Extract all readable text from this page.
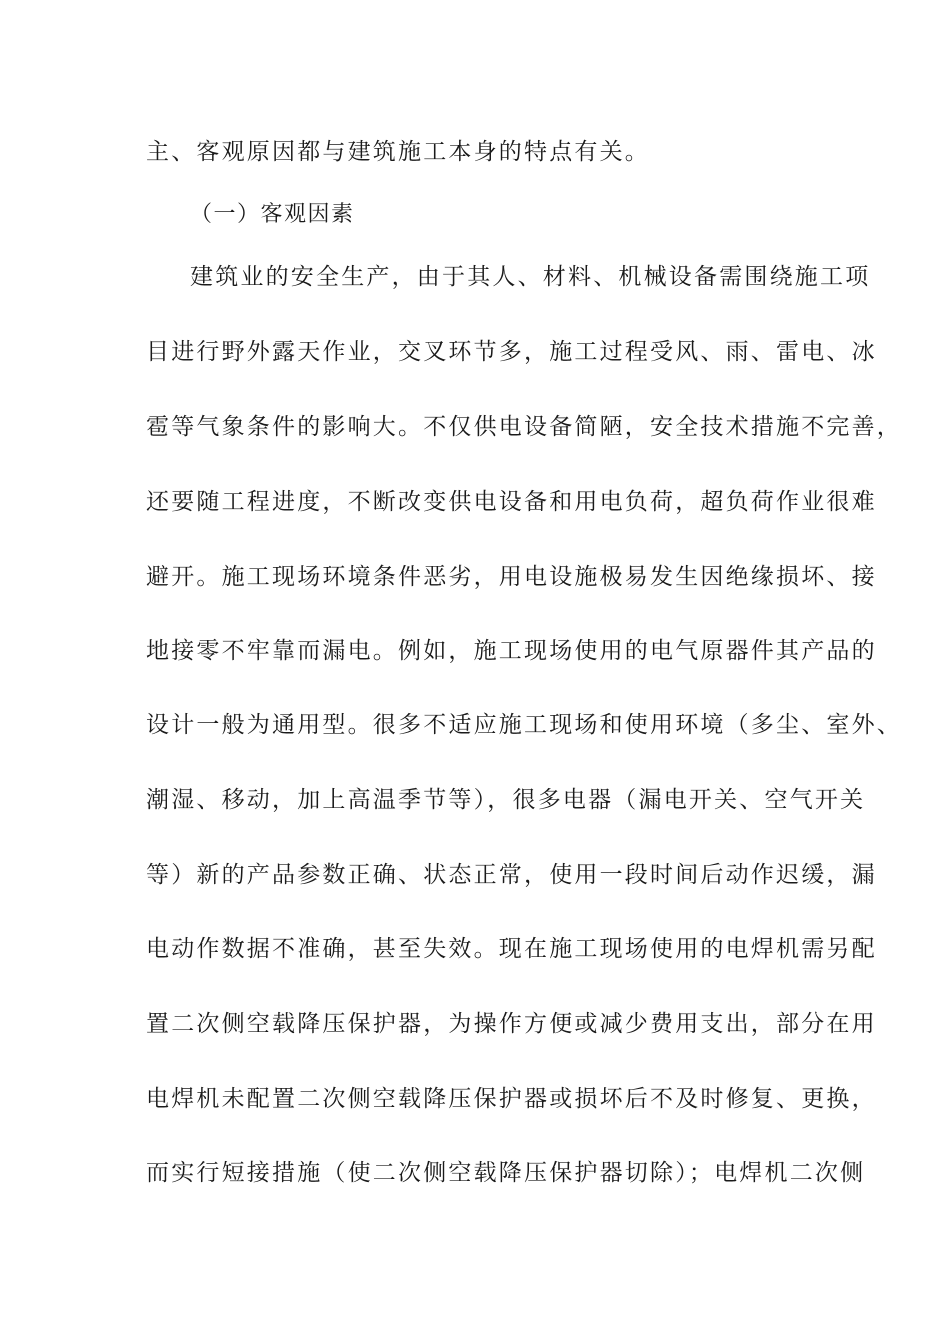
主、客观原因都与建筑施工本身的特点有关。
（一）客观因素
建筑业的安全生产，由于其人、材料、机械设备需围绕施工项
目进行野外露天作业，交叉环节多，施工过程受风、雨、雷电、冰
雹等气象条件的影响大。不仅供电设备简陋，安全技术措施不完善，
还要随工程进度，不断改变供电设备和用电负荷，超负荷作业很难
避开。施工现场环境条件恶劣，用电设施极易发生因绝缘损坏、接
地接零不牢靠而漏电。例如，施工现场使用的电气原器件其产品的
设计一般为通用型。很多不适应施工现场和使用环境（多尘、室外、
潮湿、移动，加上高温季节等），很多电器（漏电开关、空气开关
等）新的产品参数正确、状态正常，使用一段时间后动作迟缓，漏
电动作数据不准确，甚至失效。现在施工现场使用的电焊机需另配
置二次侧空载降压保护器，为操作方便或减少费用支出，部分在用
电焊机未配置二次侧空载降压保护器或损坏后不及时修复、更换，
而实行短接措施（使二次侧空载降压保护器切除）；电焊机二次侧
